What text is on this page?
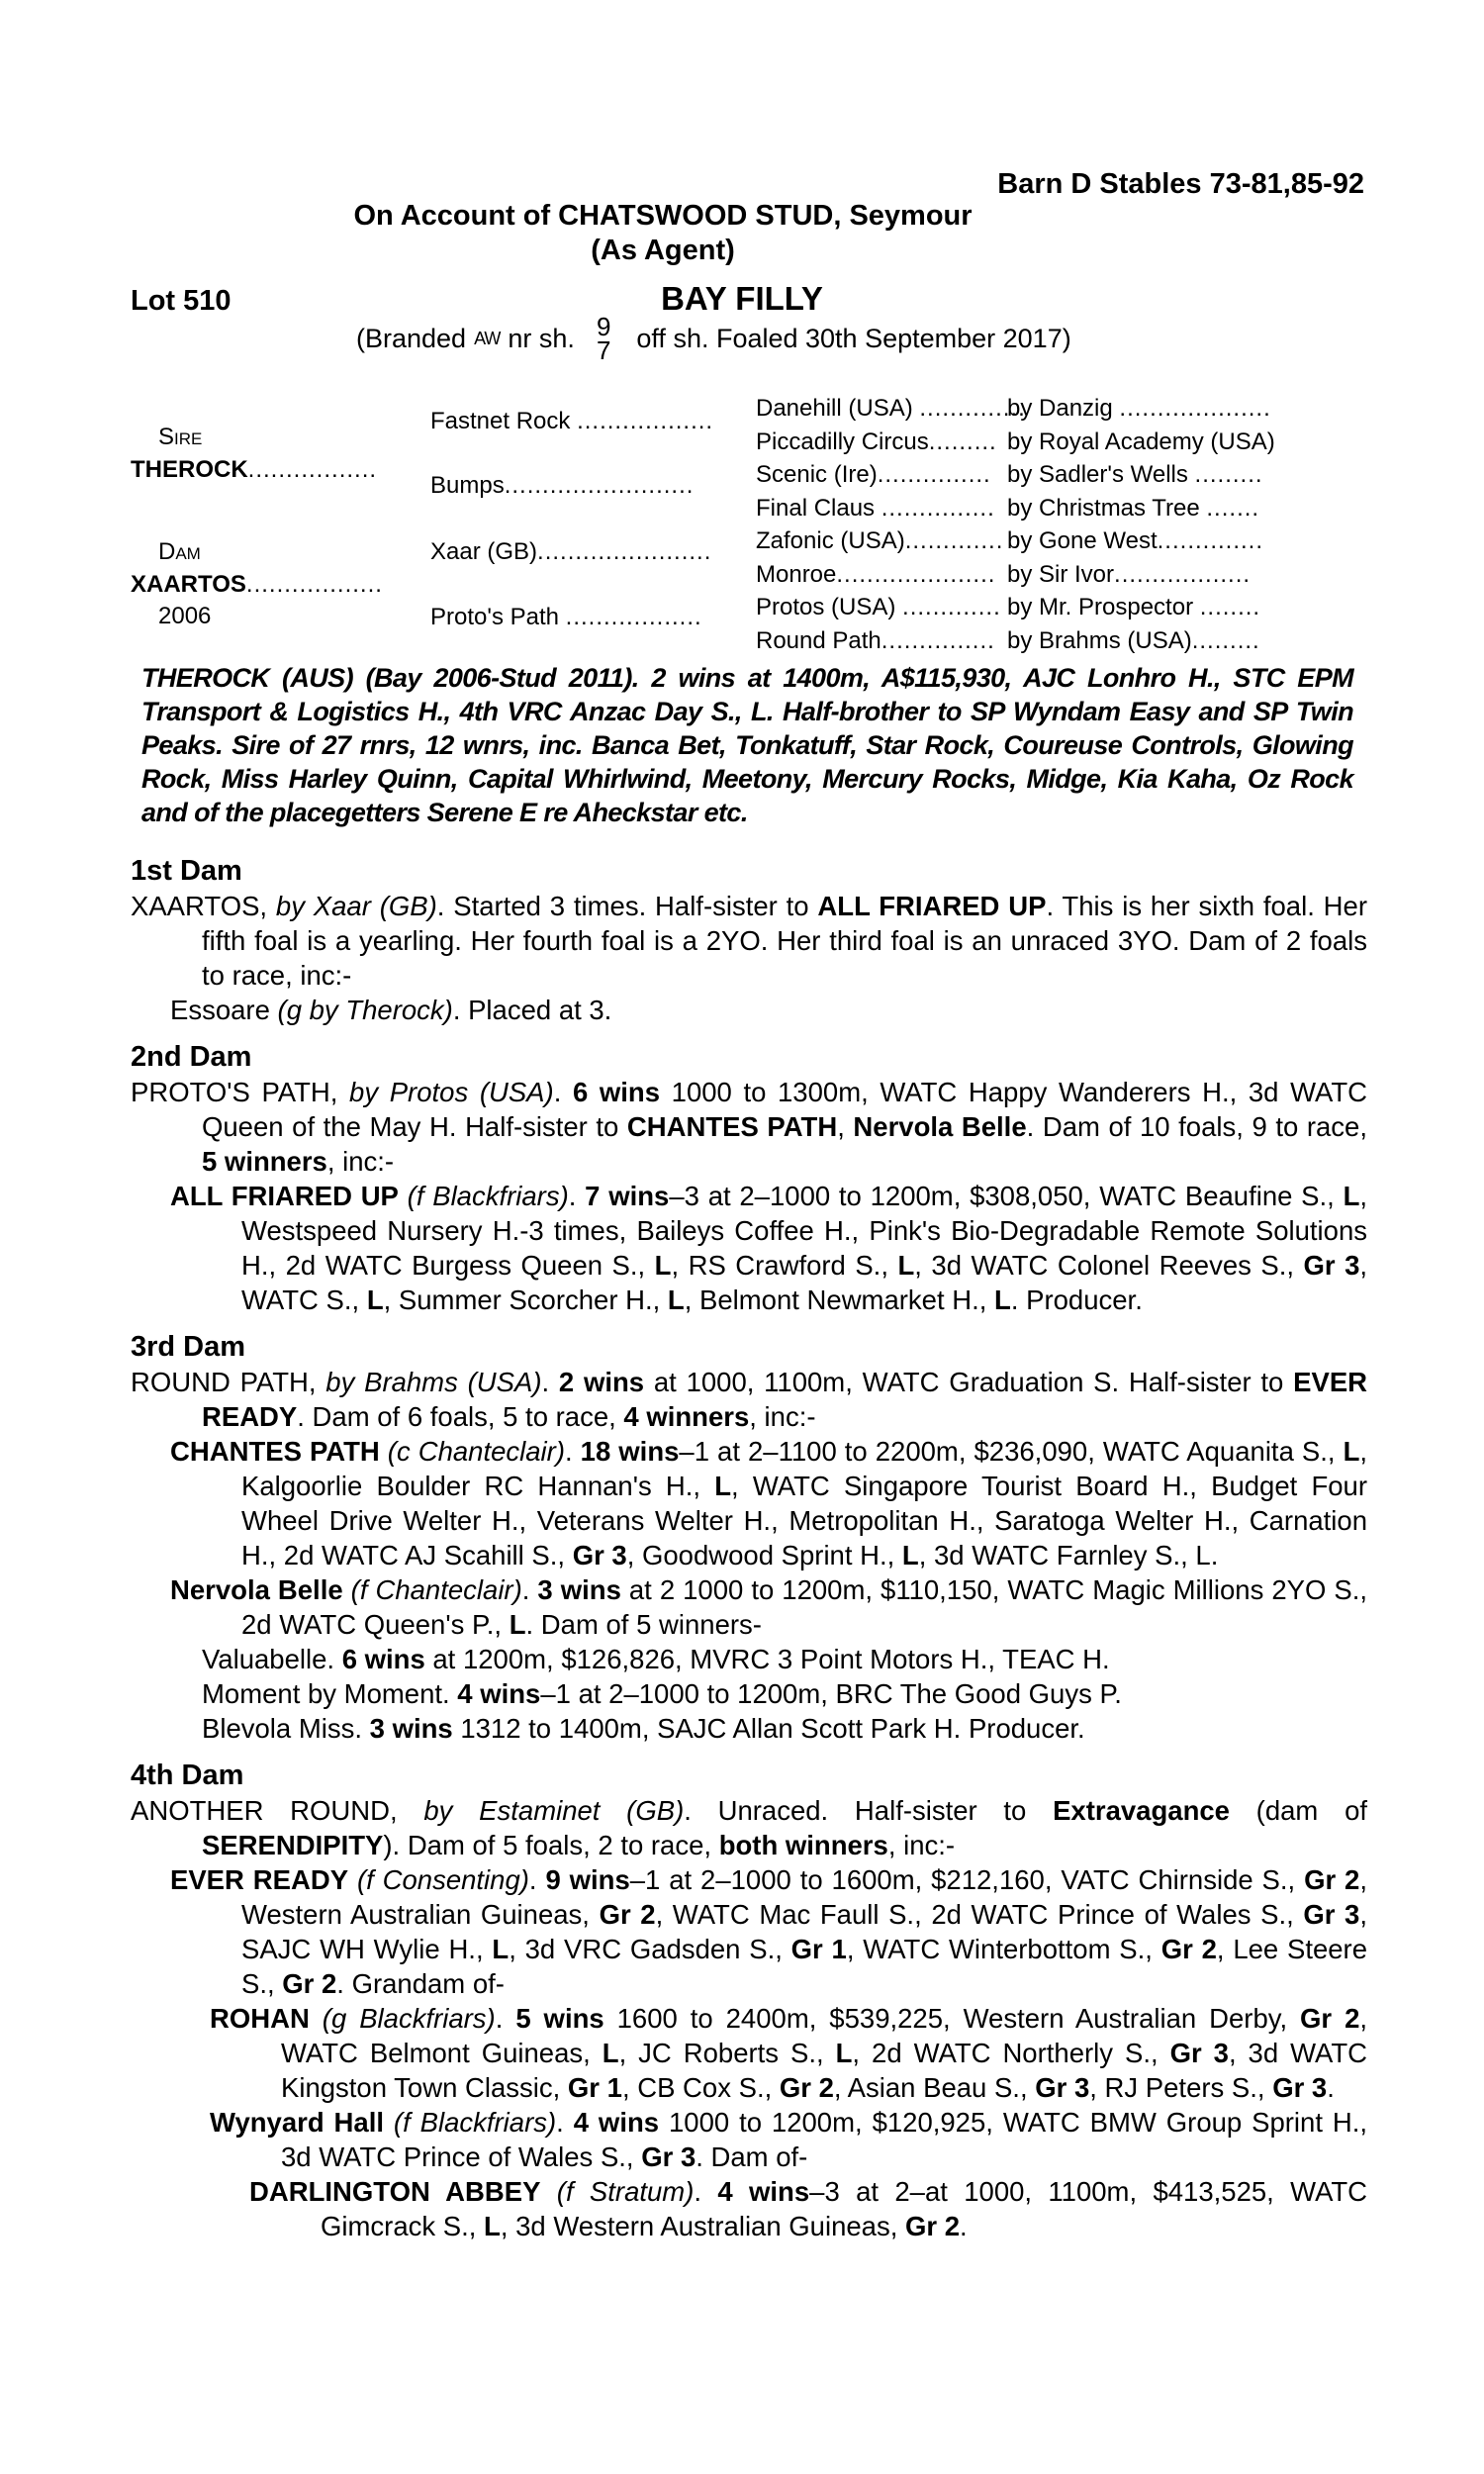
Barn D Stables 73-81,85-92
On Account of CHATSWOOD STUD, Seymour
(As Agent)
Lot 510	BAY FILLY
(Branded AW nr sh. 9
7 off sh. Foaled 30th September 2017)
Sire
THEROCK.................
Dam
XAARTOS..................
2006
Fastnet Rock ..................
Bumps.........................
Xaar (GB).......................
Proto's Path ..................
Danehill (USA) ..............
Piccadilly Circus.........
Scenic (Ire)...............
Final Claus ...............
Zafonic (USA).............
Monroe.....................
Protos (USA) .............
Round Path...............
by Danzig ....................
by Royal Academy (USA)
by Sadler's Wells .........
by Christmas Tree .......
by Gone West..............
by Sir Ivor..................
by Mr. Prospector ........
by Brahms (USA).........
THEROCK (AUS) (Bay 2006-Stud 2011). 2 wins at 1400m, A$115,930, AJC Lonhro H., STC EPM Transport & Logistics H., 4th VRC Anzac Day S., L. Half-brother to SP Wyndam Easy and SP Twin Peaks. Sire of 27 rnrs, 12 wnrs, inc. Banca Bet, Tonkatuff, Star Rock, Coureuse Controls, Glowing Rock, Miss Harley Quinn, Capital Whirlwind, Meetony, Mercury Rocks, Midge, Kia Kaha, Oz Rock and of the placegetters Serene E re Aheckstar etc.
1st Dam

XAARTOS, by Xaar (GB). Started 3 times. Half-sister to ALL FRIARED UP. This is her sixth foal. Her fifth foal is a yearling. Her fourth foal is a 2YO. Her third foal is an unraced 3YO. Dam of 2 foals to race, inc:-

Essoare (g by Therock). Placed at 3.

2nd Dam

PROTO'S PATH, by Protos (USA). 6 wins 1000 to 1300m, WATC Happy Wanderers H., 3d WATC Queen of the May H. Half-sister to CHANTES PATH, Nervola Belle. Dam of 10 foals, 9 to race, 5 winners, inc:-

ALL FRIARED UP (f Blackfriars). 7 wins–3 at 2–1000 to 1200m, $308,050, WATC Beaufine S., L, Westspeed Nursery H.-3 times, Baileys Coffee H., Pink's Bio-Degradable Remote Solutions H., 2d WATC Burgess Queen S., L, RS Crawford S., L, 3d WATC Colonel Reeves S., Gr 3, WATC S., L, Summer Scorcher H., L, Belmont Newmarket H., L. Producer.

3rd Dam

ROUND PATH, by Brahms (USA). 2 wins at 1000, 1100m, WATC Graduation S. Half-sister to EVER READY. Dam of 6 foals, 5 to race, 4 winners, inc:-

CHANTES PATH (c Chanteclair). 18 wins–1 at 2–1100 to 2200m, $236,090, WATC Aquanita S., L, Kalgoorlie Boulder RC Hannan's H., L, WATC Singapore Tourist Board H., Budget Four Wheel Drive Welter H., Veterans Welter H., Metropolitan H., Saratoga Welter H., Carnation H., 2d WATC AJ Scahill S., Gr 3, Goodwood Sprint H., L, 3d WATC Farnley S., L.

Nervola Belle (f Chanteclair). 3 wins at 2 1000 to 1200m, $110,150, WATC Magic Millions 2YO S., 2d WATC Queen's P., L. Dam of 5 winners-

Valuabelle. 6 wins at 1200m, $126,826, MVRC 3 Point Motors H., TEAC H.

Moment by Moment. 4 wins–1 at 2–1000 to 1200m, BRC The Good Guys P.

Blevola Miss. 3 wins 1312 to 1400m, SAJC Allan Scott Park H. Producer.

4th Dam

ANOTHER ROUND, by Estaminet (GB). Unraced. Half-sister to Extravagance (dam of SERENDIPITY). Dam of 5 foals, 2 to race, both winners, inc:-

EVER READY (f Consenting). 9 wins–1 at 2–1000 to 1600m, $212,160, VATC Chirnside S., Gr 2, Western Australian Guineas, Gr 2, WATC Mac Faull S., 2d WATC Prince of Wales S., Gr 3, SAJC WH Wylie H., L, 3d VRC Gadsden S., Gr 1, WATC Winterbottom S., Gr 2, Lee Steere S., Gr 2. Grandam of-

ROHAN (g Blackfriars). 5 wins 1600 to 2400m, $539,225, Western Australian Derby, Gr 2, WATC Belmont Guineas, L, JC Roberts S., L, 2d WATC Northerly S., Gr 3, 3d WATC Kingston Town Classic, Gr 1, CB Cox S., Gr 2, Asian Beau S., Gr 3, RJ Peters S., Gr 3.

Wynyard Hall (f Blackfriars). 4 wins 1000 to 1200m, $120,925, WATC BMW Group Sprint H., 3d WATC Prince of Wales S., Gr 3. Dam of-

DARLINGTON ABBEY (f Stratum). 4 wins–3 at 2–at 1000, 1100m, $413,525, WATC Gimcrack S., L, 3d Western Australian Guineas, Gr 2.
